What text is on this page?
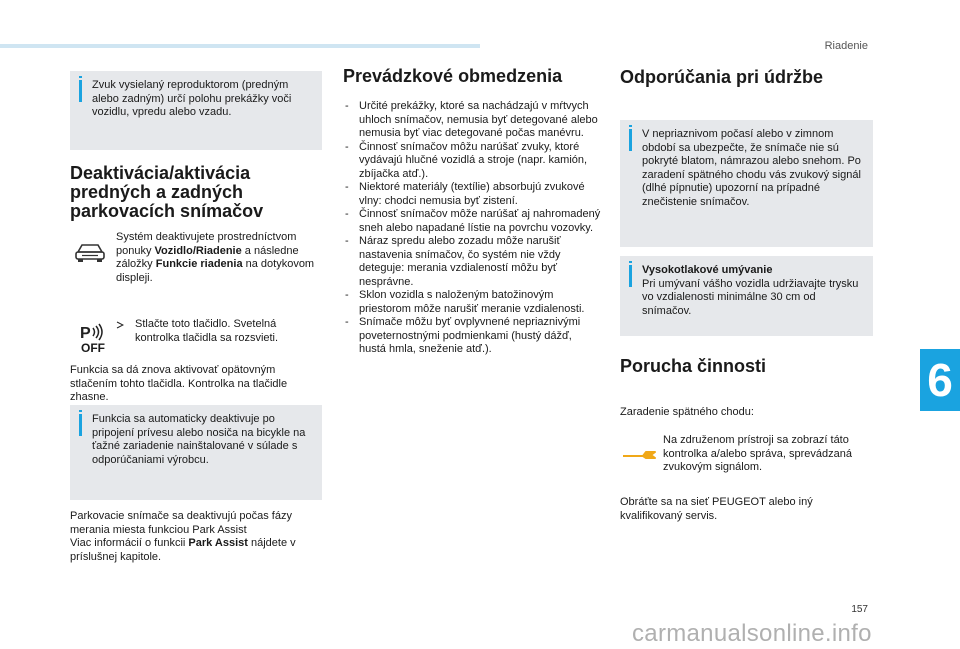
Riadenie
Zvuk vysielaný reproduktorom (predným alebo zadným) určí polohu prekážky voči vozidlu, vpredu alebo vzadu.
Deaktivácia/aktivácia predných a zadných parkovacích snímačov
Systém deaktivujete prostredníctvom ponuky Vozidlo/Riadenie a následne záložky Funkcie riadenia na dotykovom displeji.
P
OFF

Stlačte toto tlačidlo. Svetelná kontrolka tlačidla sa rozsvieti.
Funkcia sa dá znova aktivovať opätovným stlačením tohto tlačidla. Kontrolka na tlačidle zhasne.
Funkcia sa automaticky deaktivuje po pripojení prívesu alebo nosiča na bicykle na ťažné zariadenie nainštalované v súlade s odporúčaniami výrobcu.
Parkovacie snímače sa deaktivujú počas fázy merania miesta funkciou Park Assist
Viac informácií o funkcii Park Assist nájdete v príslušnej kapitole.
Prevádzkové obmedzenia
- Určité prekážky, ktoré sa nachádzajú v mŕtvych uhloch snímačov, nemusia byť detegované alebo nemusia byť viac detegované počas manévru.
- Činnosť snímačov môžu narúšať zvuky, ktoré vydávajú hlučné vozidlá a stroje (napr. kamión, zbíjačka atď.).
- Niektoré materiály (textílie) absorbujú zvukové vlny: chodci nemusia byť zistení.
- Činnosť snímačov môže narúšať aj nahromadený sneh alebo napadané lístie na povrchu vozovky.
- Náraz spredu alebo zozadu môže narušiť nastavenia snímačov, čo systém nie vždy deteguje: merania vzdialeností môžu byť nesprávne.
- Sklon vozidla s naloženým batožinovým priestorom môže narušiť meranie vzdialenosti.
- Snímače môžu byť ovplyvnené nepriaznivými poveternostnými podmienkami (hustý dážď, hustá hmla, sneženie atď.).
Odporúčania pri údržbe
V nepriaznivom počasí alebo v zimnom období sa ubezpečte, že snímače nie sú pokryté blatom, námrazou alebo snehom. Po zaradení spätného chodu vás zvukový signál (dlhé pípnutie) upozorní na prípadné znečistenie snímačov.
Vysokotlakové umývanie
Pri umývaní vášho vozidla udržiavajte trysku vo vzdialenosti minimálne 30 cm od snímačov.
Porucha činnosti
Zaradenie spätného chodu:
Na združenom prístroji sa zobrazí táto kontrolka a/alebo správa, sprevádzaná zvukovým signálom.
Obráťte sa na sieť PEUGEOT alebo iný kvalifikovaný servis.
6
157
carmanualsonline.info
